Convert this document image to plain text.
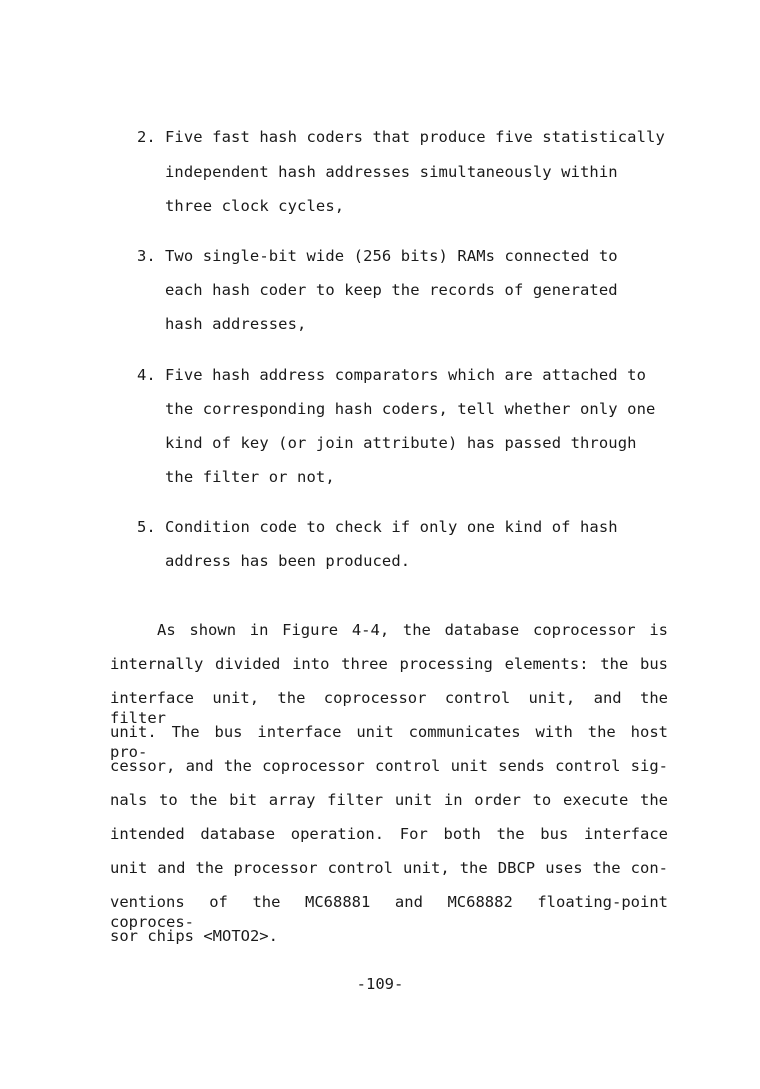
2. Five fast hash coders that produce five statistically
independent hash addresses simultaneously within
three clock cycles,
3. Two single-bit wide (256 bits) RAMs connected to
each hash coder to keep the records of generated
hash addresses,
4. Five hash address comparators which are attached to
the corresponding hash coders, tell whether only one
kind of key (or join attribute) has passed through
the filter or not,
5. Condition code to check if only one kind of hash
address has been produced.
As shown in Figure 4-4, the database coprocessor is
internally divided into three processing elements: the bus
interface unit, the coprocessor control unit, and the filter
unit. The bus interface unit communicates with the host pro-
cessor, and the coprocessor control unit sends control sig-
nals to the bit array filter unit in order to execute the
intended database operation. For both the bus interface
unit and the processor control unit, the DBCP uses the con-
ventions of the MC68881 and MC68882 floating-point coproces-
sor chips <MOTO2>.
-109-
